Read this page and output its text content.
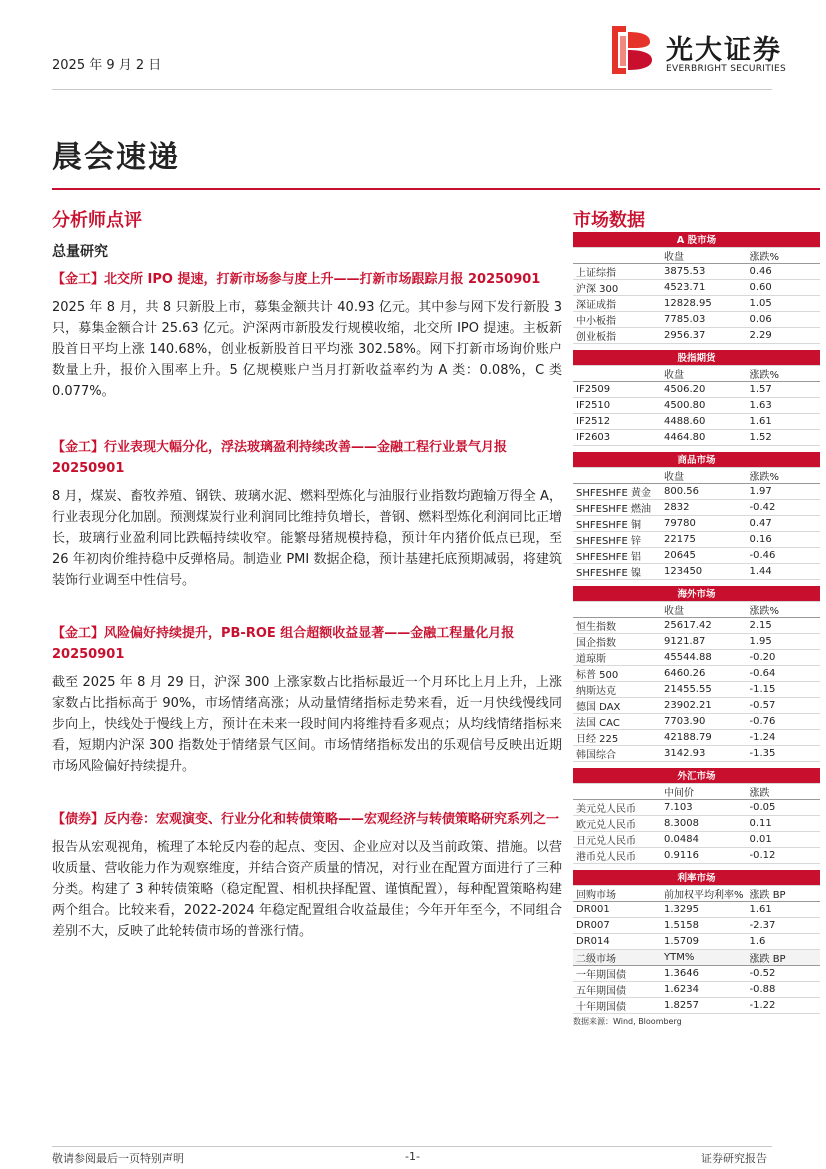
2025 年 9 月 2 日	光大证券
EVERBRIGHT SECURITIES
晨会速递
分析师点评
总量研究
【金工】北交所 IPO 提速，打新市场参与度上升——打新市场跟踪月报 20250901
2025 年 8 月，共 8 只新股上市，募集金额共计 40.93 亿元。其中参与网下发行新股 3 只，募集金额合计 25.63 亿元。沪深两市新股发行规模收缩，北交所 IPO 提速。主板新股首日平均上涨 140.68%，创业板新股首日平均涨 302.58%。网下打新市场询价账户数量上升，报价入围率上升。5 亿规模账户当月打新收益率约为 A 类：0.08%，C 类 0.077%。
【金工】行业表现大幅分化，浮法玻璃盈利持续改善——金融工程行业景气月报 20250901
8 月，煤炭、畜牧养殖、钢铁、玻璃水泥、燃料型炼化与油服行业指数均跑输万得全 A，行业表现分化加剧。预测煤炭行业利润同比维持负增长，普钢、燃料型炼化利润同比正增长，玻璃行业盈利同比跌幅持续收窄。能繁母猪规模持稳，预计年内猪价低点已现，至 26 年初肉价维持稳中反弹格局。制造业 PMI 数据企稳，预计基建托底预期减弱，将建筑装饰行业调至中性信号。
【金工】风险偏好持续提升，PB-ROE 组合超额收益显著——金融工程量化月报 20250901
截至 2025 年 8 月 29 日，沪深 300 上涨家数占比指标最近一个月环比上月上升，上涨家数占比指标高于 90%，市场情绪高涨；从动量情绪指标走势来看，近一月快线慢线同步向上，快线处于慢线上方，预计在未来一段时间内将维持看多观点；从均线情绪指标来看，短期内沪深 300 指数处于情绪景气区间。市场情绪指标发出的乐观信号反映出近期市场风险偏好持续提升。
【债券】反内卷：宏观演变、行业分化和转债策略——宏观经济与转债策略研究系列之一
报告从宏观视角，梳理了本轮反内卷的起点、变因、企业应对以及当前政策、措施。以营收质量、营收能力作为观察维度，并结合资产质量的情况，对行业在配置方面进行了三种分类。构建了 3 种转债策略（稳定配置、相机抉择配置、谨慎配置），每种配置策略构建两个组合。比较来看，2022-2024 年稳定配置组合收益最佳；今年开年至今，不同组合差别不大，反映了此轮转债市场的普涨行情。
市场数据
A 股市场		
	收盘	涨跌%
上证综指	3875.53	0.46
沪深 300	4523.71	0.60
深证成指	12828.95	1.05
中小板指	7785.03	0.06
创业板指	2956.37	2.29

股指期货		
	收盘	涨跌%
IF2509	4506.20	1.57
IF2510	4500.80	1.63
IF2512	4488.60	1.61
IF2603	4464.80	1.52

商品市场		
	收盘	涨跌%
SHFESHFE 黄金	800.56	1.97
SHFESHFE 燃油	2832	-0.42
SHFESHFE 铜	79780	0.47
SHFESHFE 锌	22175	0.16
SHFESHFE 铝	20645	-0.46
SHFESHFE 镍	123450	1.44

海外市场		
	收盘	涨跌%
恒生指数	25617.42	2.15
国企指数	9121.87	1.95
道琼斯	45544.88	-0.20
标普 500	6460.26	-0.64
纳斯达克	21455.55	-1.15
德国 DAX	23902.21	-0.57
法国 CAC	7703.90	-0.76
日经 225	42188.79	-1.24
韩国综合	3142.93	-1.35

外汇市场		
	中间价	涨跌
美元兑人民币	7.103	-0.05
欧元兑人民币	8.3008	0.11
日元兑人民币	0.0484	0.01
港币兑人民币	0.9116	-0.12

利率市场		
回购市场	前加权平均利率%	涨跌 BP
DR001	1.3295	1.61
DR007	1.5158	-2.37
DR014	1.5709	1.6
二级市场	YTM%	涨跌 BP
一年期国债	1.3646	-0.52
五年期国债	1.6234	-0.88
十年期国债	1.8257	-1.22
数据来源：Wind, Bloomberg
敬请参阅最后一页特别声明	-1-	证券研究报告
